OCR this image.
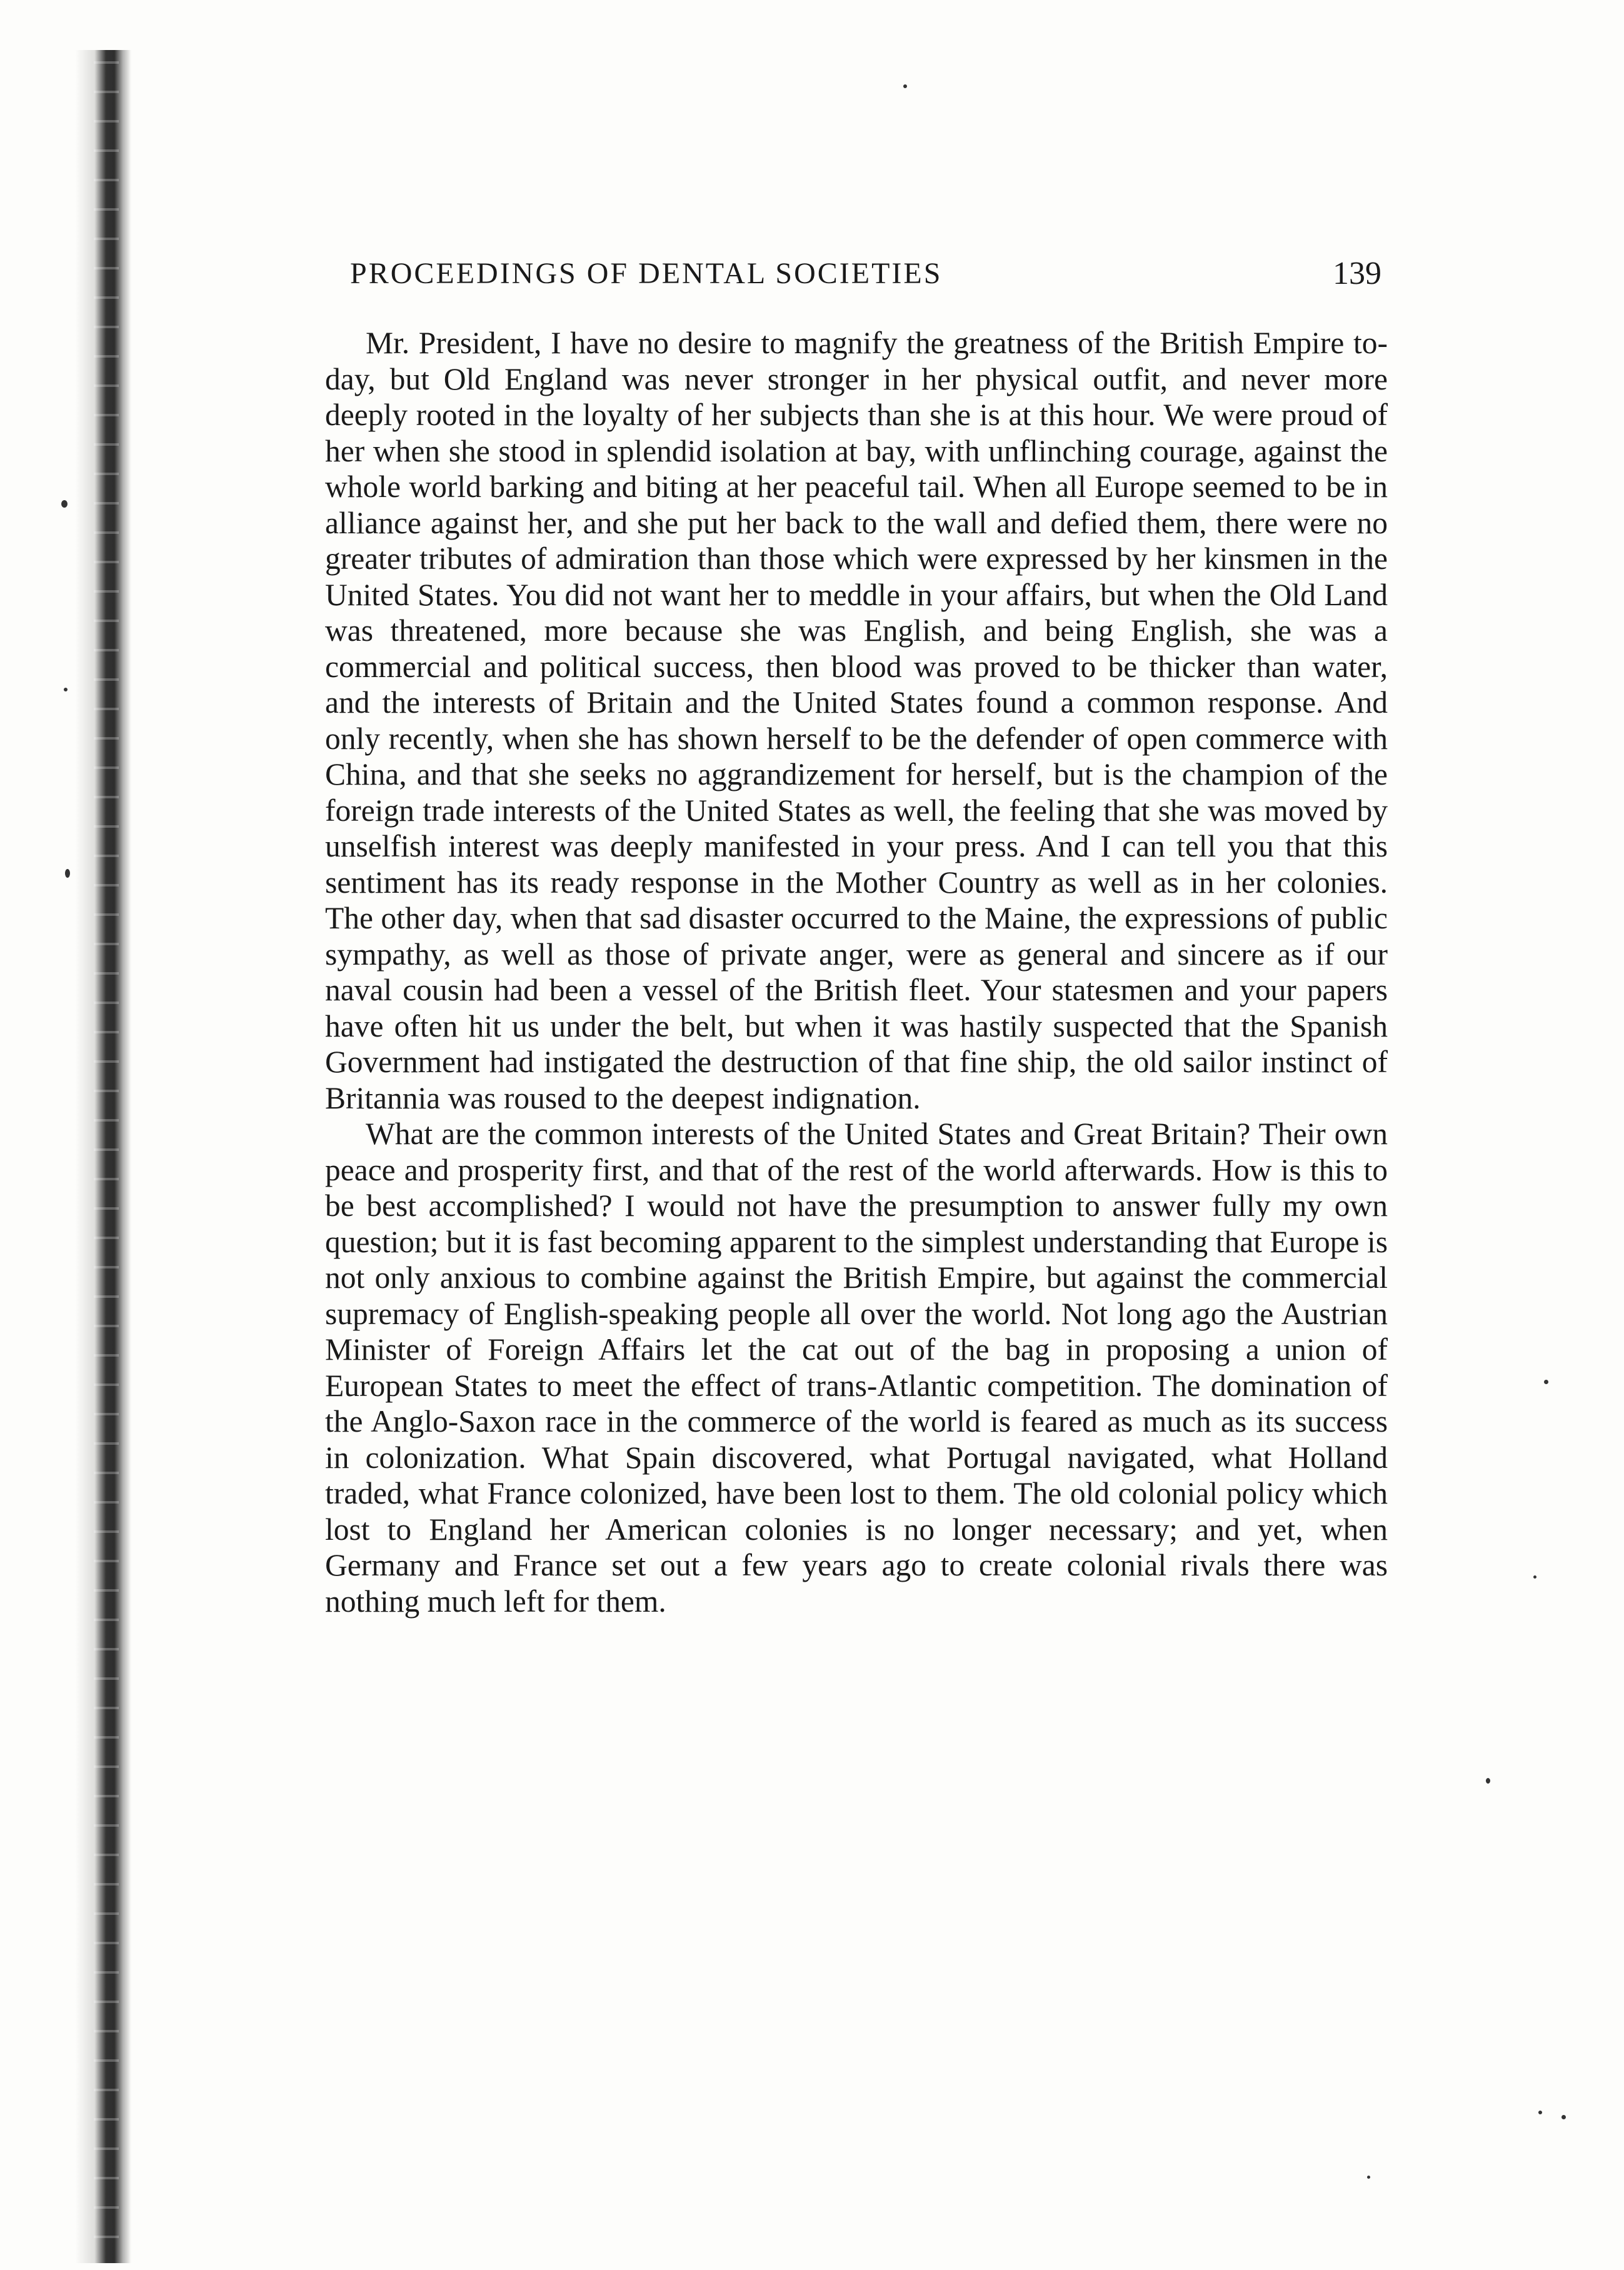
PROCEEDINGS OF DENTAL SOCIETIES	139

Mr. President, I have no desire to magnify the greatness of the British Empire to-day, but Old England was never stronger in her physical outfit, and never more deeply rooted in the loyalty of her subjects than she is at this hour. We were proud of her when she stood in splendid isolation at bay, with unflinching courage, against the whole world barking and biting at her peaceful tail. When all Europe seemed to be in alliance against her, and she put her back to the wall and defied them, there were no greater tributes of admiration than those which were expressed by her kinsmen in the United States. You did not want her to meddle in your affairs, but when the Old Land was threatened, more because she was English, and being English, she was a commercial and political success, then blood was proved to be thicker than water, and the interests of Britain and the United States found a common response. And only recently, when she has shown herself to be the defender of open commerce with China, and that she seeks no aggrandizement for herself, but is the champion of the foreign trade interests of the United States as well, the feeling that she was moved by unselfish interest was deeply manifested in your press. And I can tell you that this sentiment has its ready response in the Mother Country as well as in her colonies. The other day, when that sad disaster occurred to the Maine, the expressions of public sympathy, as well as those of private anger, were as general and sincere as if our naval cousin had been a vessel of the British fleet. Your statesmen and your papers have often hit us under the belt, but when it was hastily suspected that the Spanish Government had instigated the destruction of that fine ship, the old sailor instinct of Britannia was roused to the deepest indignation.

What are the common interests of the United States and Great Britain? Their own peace and prosperity first, and that of the rest of the world afterwards. How is this to be best accomplished? I would not have the presumption to answer fully my own question; but it is fast becoming apparent to the simplest understanding that Europe is not only anxious to combine against the British Empire, but against the commercial supremacy of English-speaking people all over the world. Not long ago the Austrian Minister of Foreign Affairs let the cat out of the bag in proposing a union of European States to meet the effect of trans-Atlantic competition. The domination of the Anglo-Saxon race in the commerce of the world is feared as much as its success in colonization. What Spain discovered, what Portugal navigated, what Holland traded, what France colonized, have been lost to them. The old colonial policy which lost to England her American colonies is no longer necessary; and yet, when Germany and France set out a few years ago to create colonial rivals there was nothing much left for them.
